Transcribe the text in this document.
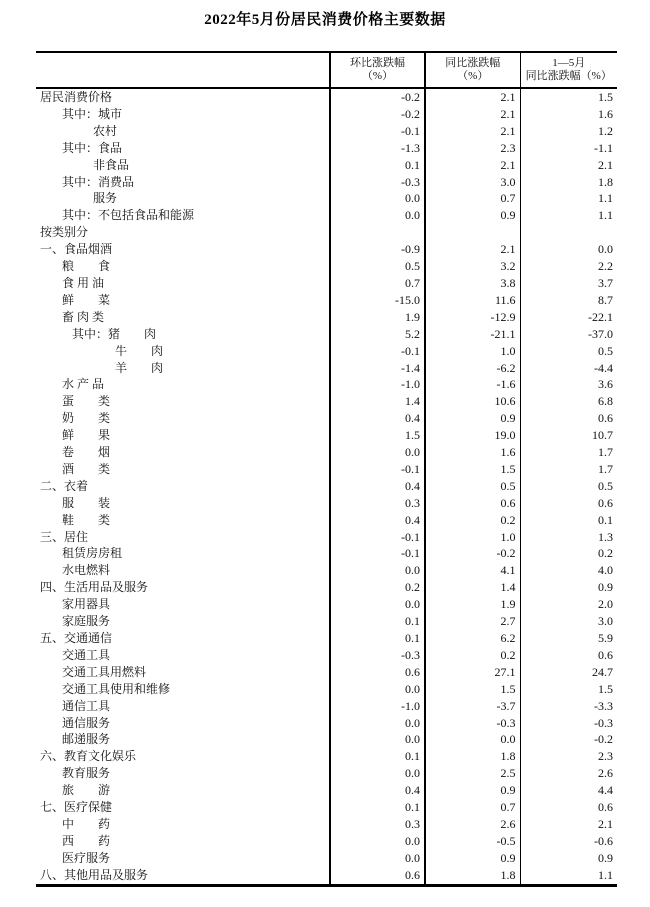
2022年5月份居民消费价格主要数据

环比涨跌幅
（%）

同比涨跌幅
（%）

1—5月
同比涨跌幅（%）

居民消费价格	-0.2	2.1	1.5
其中：城市	-0.2	2.1	1.6
农村	-0.1	2.1	1.2
其中：食品	-1.3	2.3	-1.1
非食品	0.1	2.1	2.1
其中：消费品	-0.3	3.0	1.8
服务	0.0	0.7	1.1
其中：不包括食品和能源	0.0	0.9	1.1
按类别分			
一、食品烟酒	-0.9	2.1	0.0
粮　　食	0.5	3.2	2.2
食 用 油	0.7	3.8	3.7
鲜　　菜	-15.0	11.6	8.7
畜 肉 类	1.9	-12.9	-22.1
其中：猪　　肉	5.2	-21.1	-37.0
牛　　肉	-0.1	1.0	0.5
羊　　肉	-1.4	-6.2	-4.4
水 产 品	-1.0	-1.6	3.6
蛋　　类	1.4	10.6	6.8
奶　　类	0.4	0.9	0.6
鲜　　果	1.5	19.0	10.7
卷　　烟	0.0	1.6	1.7
酒　　类	-0.1	1.5	1.7
二、衣着	0.4	0.5	0.5
服　　装	0.3	0.6	0.6
鞋　　类	0.4	0.2	0.1
三、居住	-0.1	1.0	1.3
租赁房房租	-0.1	-0.2	0.2
水电燃料	0.0	4.1	4.0
四、生活用品及服务	0.2	1.4	0.9
家用器具	0.0	1.9	2.0
家庭服务	0.1	2.7	3.0
五、交通通信	0.1	6.2	5.9
交通工具	-0.3	0.2	0.6
交通工具用燃料	0.6	27.1	24.7
交通工具使用和维修	0.0	1.5	1.5
通信工具	-1.0	-3.7	-3.3
通信服务	0.0	-0.3	-0.3
邮递服务	0.0	0.0	-0.2
六、教育文化娱乐	0.1	1.8	2.3
教育服务	0.0	2.5	2.6
旅　　游	0.4	0.9	4.4
七、医疗保健	0.1	0.7	0.6
中　　药	0.3	2.6	2.1
西　　药	0.0	-0.5	-0.6
医疗服务	0.0	0.9	0.9
八、其他用品及服务	0.6	1.8	1.1
